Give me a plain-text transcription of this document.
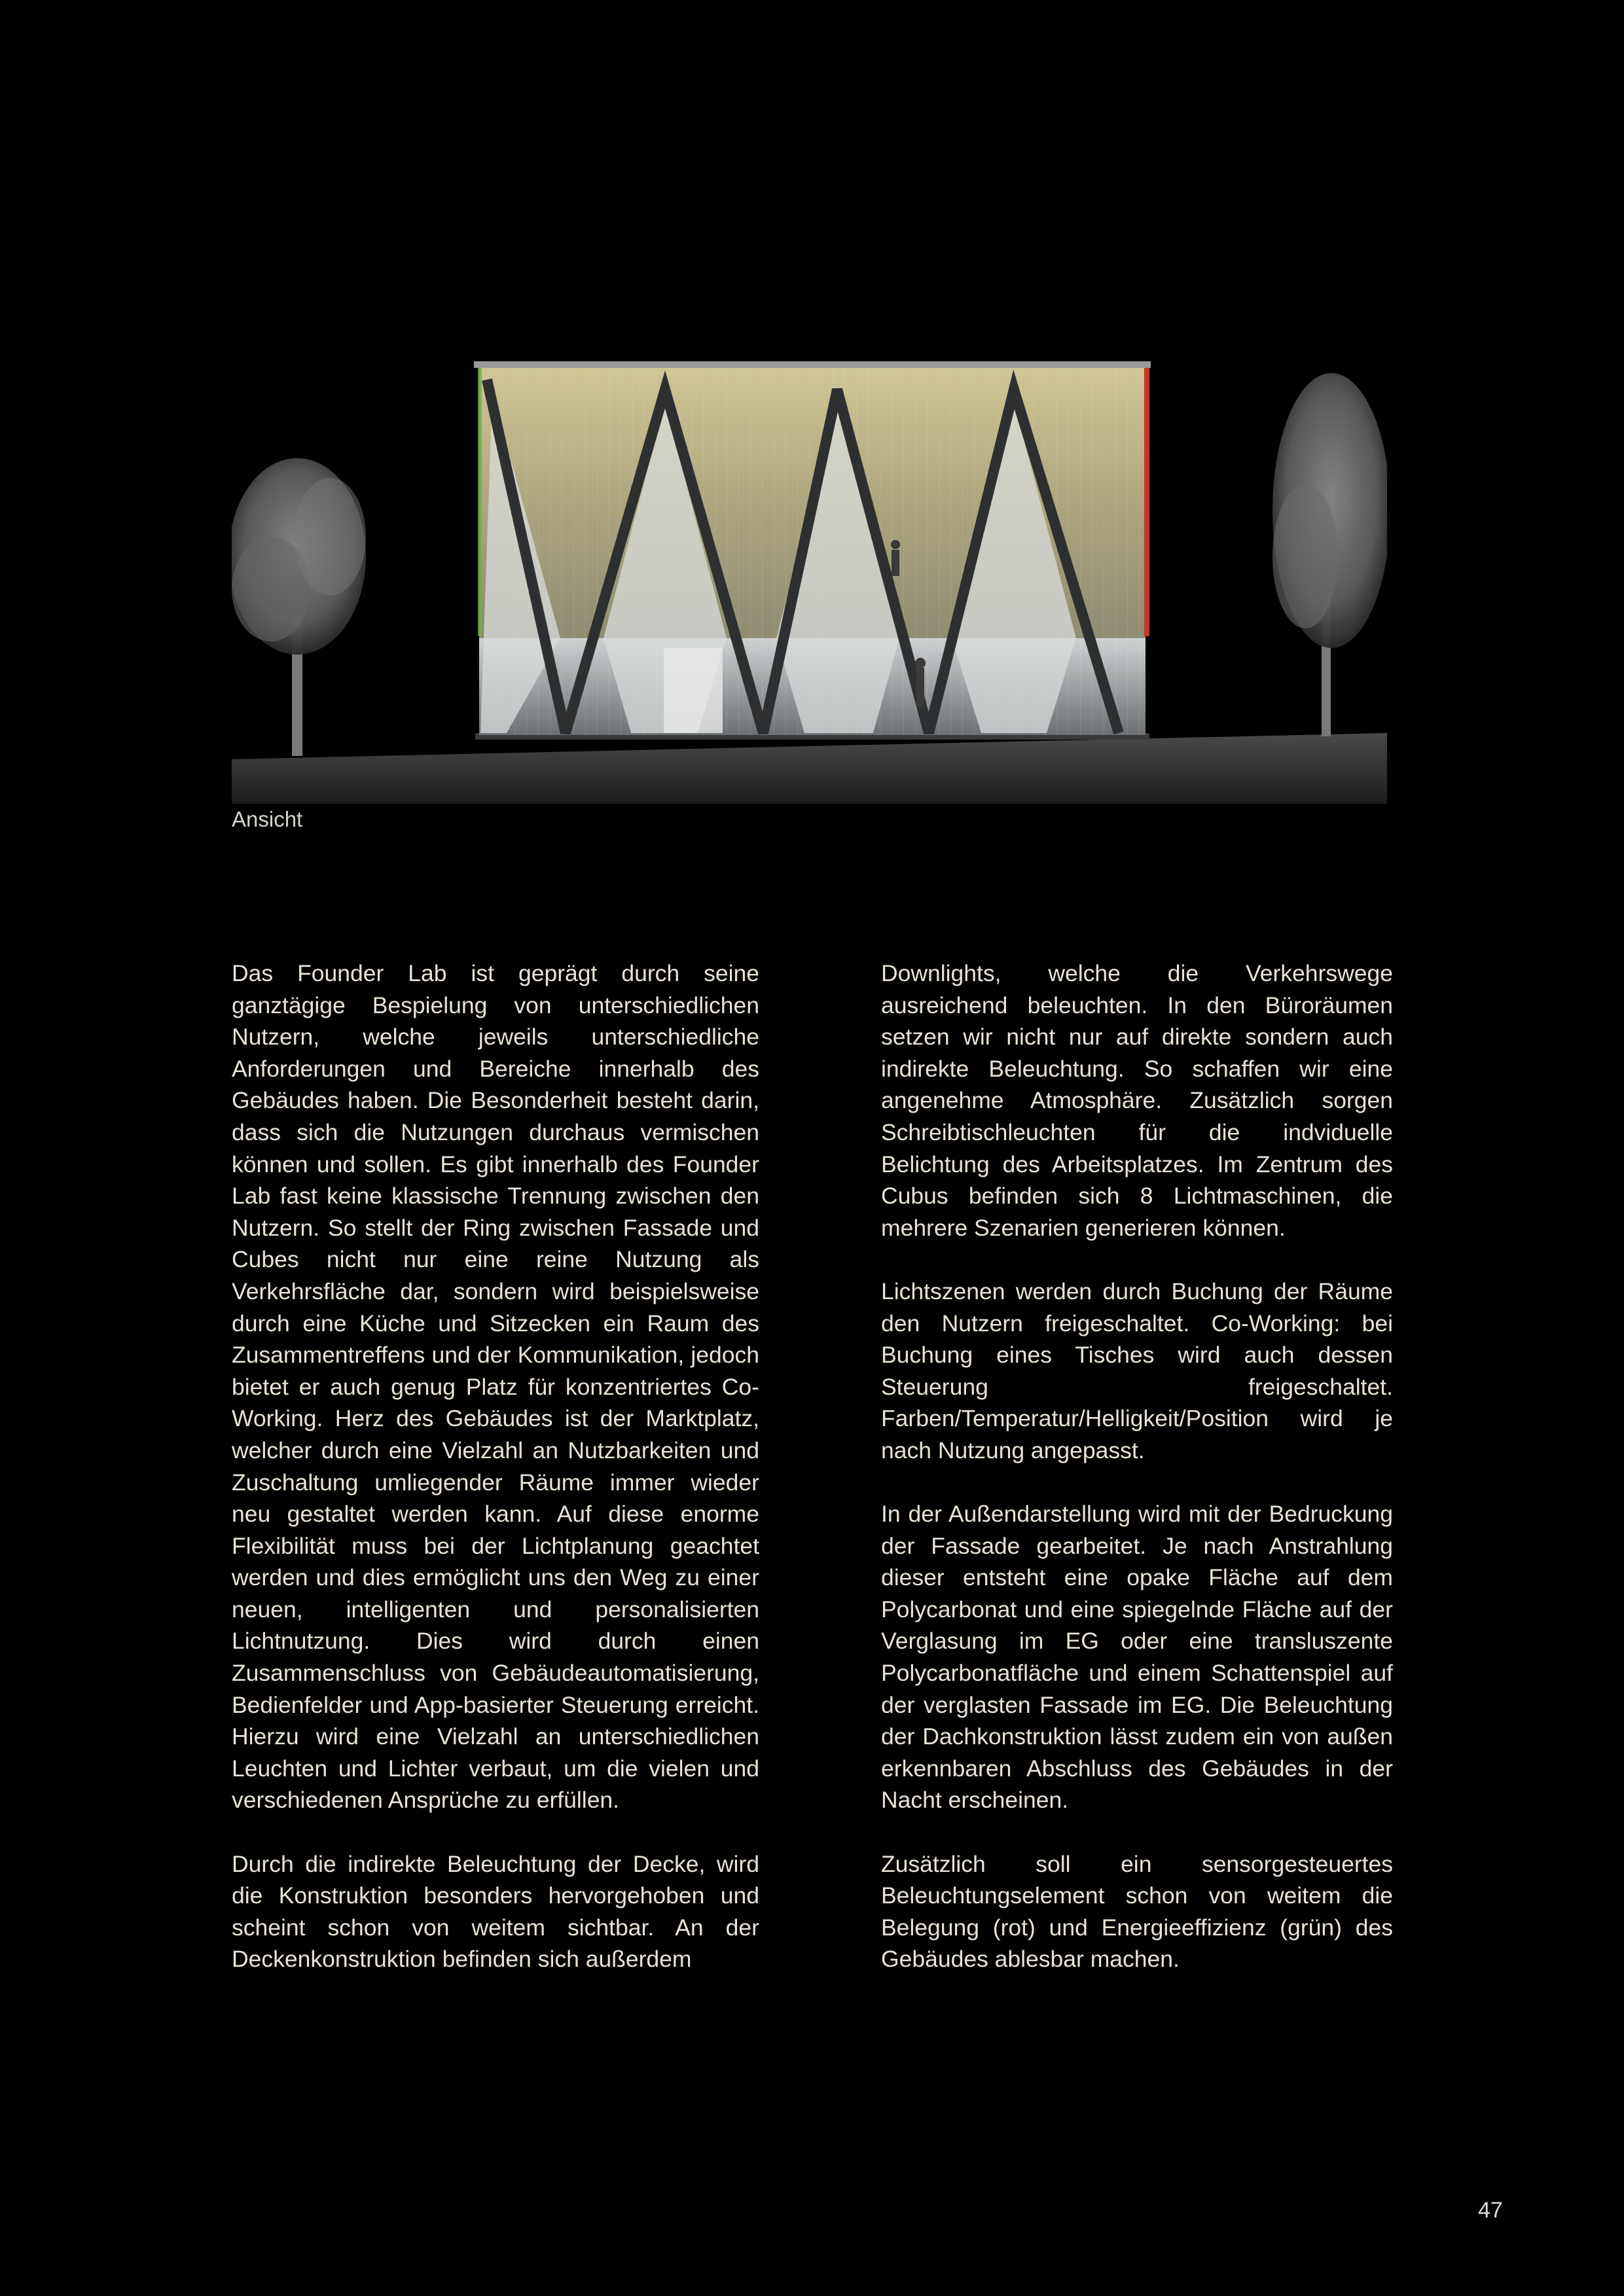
Ansicht

Das Founder Lab ist geprägt durch seine ganztägige Bespielung von unterschiedlichen Nutzern, welche jeweils unterschiedliche Anforderungen und Bereiche innerhalb des Gebäudes haben. Die Besonderheit besteht darin, dass sich die Nutzungen durchaus vermischen können und sollen. Es gibt innerhalb des Founder Lab fast keine klassische Trennung zwischen den Nutzern. So stellt der Ring zwischen Fassade und Cubes nicht nur eine reine Nutzung als Verkehrsfläche dar, sondern wird beispielsweise durch eine Küche und Sitzecken ein Raum des Zusammentreffens und der Kommunikation, jedoch bietet er auch genug Platz für konzentriertes Co-Working. Herz des Gebäudes ist der Marktplatz, welcher durch eine Vielzahl an Nutzbarkeiten und Zuschaltung umliegender Räume immer wieder neu gestaltet werden kann. Auf diese enorme Flexibilität muss bei der Lichtplanung geachtet werden und dies ermöglicht uns den Weg zu einer neuen, intelligenten und personalisierten Lichtnutzung. Dies wird durch einen Zusammenschluss von Gebäudeautomatisierung, Bedienfelder und App-basierter Steuerung erreicht. Hierzu wird eine Vielzahl an unterschiedlichen Leuchten und Lichter verbaut, um die vielen und verschiedenen Ansprüche zu erfüllen.

Durch die indirekte Beleuchtung der Decke, wird die Konstruktion besonders hervorgehoben und scheint schon von weitem sichtbar. An der Deckenkonstruktion befinden sich außerdem

Downlights, welche die Verkehrswege ausreichend beleuchten. In den Büroräumen setzen wir nicht nur auf direkte sondern auch indirekte Beleuchtung. So schaffen wir eine angenehme Atmosphäre. Zusätzlich sorgen Schreibtischleuchten für die indviduelle Belichtung des Arbeitsplatzes. Im Zentrum des Cubus befinden sich 8 Lichtmaschinen, die mehrere Szenarien generieren können.

Lichtszenen werden durch Buchung der Räume den Nutzern freigeschaltet. Co-Working: bei Buchung eines Tisches wird auch dessen Steuerung freigeschaltet. Farben/Temperatur/Helligkeit/Position wird je nach Nutzung angepasst.

In der Außendarstellung wird mit der Bedruckung der Fassade gearbeitet. Je nach Anstrahlung dieser entsteht eine opake Fläche auf dem Polycarbonat und eine spiegelnde Fläche auf der Verglasung im EG oder eine transluszente Polycarbonatfläche und einem Schattenspiel auf der verglasten Fassade im EG. Die Beleuchtung der Dachkonstruktion lässt zudem ein von außen erkennbaren Abschluss des Gebäudes in der Nacht erscheinen.

Zusätzlich soll ein sensorgesteuertes Beleuchtungselement schon von weitem die Belegung (rot) und Energieeffizienz (grün) des Gebäudes ablesbar machen.

47
